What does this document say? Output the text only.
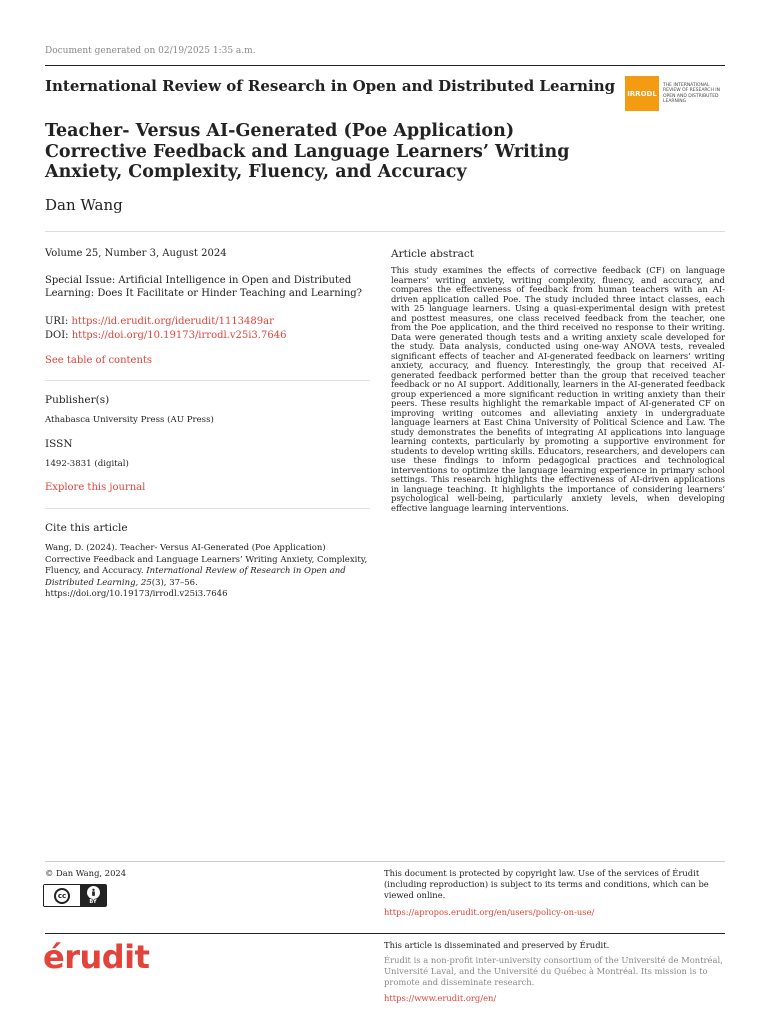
Document generated on 02/19/2025 1:35 a.m.
International Review of Research in Open and Distributed Learning	IRRODL
THE INTERNATIONAL REVIEW OF RESEARCH IN OPEN AND DISTRIBUTED LEARNING
Teacher- Versus AI-Generated (Poe Application) Corrective Feedback and Language Learners’ Writing Anxiety, Complexity, Fluency, and Accuracy
Dan Wang
Volume 25, Number 3, August 2024
Special Issue: Artificial Intelligence in Open and Distributed Learning: Does It Facilitate or Hinder Teaching and Learning?
URI: https://id.erudit.org/iderudit/1113489ar
DOI: https://doi.org/10.19173/irrodl.v25i3.7646
See table of contents
Publisher(s)
Athabasca University Press (AU Press)
ISSN
1492-3831 (digital)
Explore this journal
Cite this article
Wang, D. (2024). Teacher- Versus AI-Generated (Poe Application) Corrective Feedback and Language Learners’ Writing Anxiety, Complexity, Fluency, and Accuracy. International Review of Research in Open and Distributed Learning, 25(3), 37–56. https://doi.org/10.19173/irrodl.v25i3.7646
Article abstract
This study examines the effects of corrective feedback (CF) on language learners’ writing anxiety, writing complexity, fluency, and accuracy, and compares the effectiveness of feedback from human teachers with an AI-driven application called Poe. The study included three intact classes, each with 25 language learners. Using a quasi-experimental design with pretest and posttest measures, one class received feedback from the teacher, one from the Poe application, and the third received no response to their writing. Data were generated though tests and a writing anxiety scale developed for the study. Data analysis, conducted using one-way ANOVA tests, revealed significant effects of teacher and AI-generated feedback on learners’ writing anxiety, accuracy, and fluency. Interestingly, the group that received AI-generated feedback performed better than the group that received teacher feedback or no AI support. Additionally, learners in the AI-generated feedback group experienced a more significant reduction in writing anxiety than their peers. These results highlight the remarkable impact of AI-generated CF on improving writing outcomes and alleviating anxiety in undergraduate language learners at East China University of Political Science and Law. The study demonstrates the benefits of integrating AI applications into language learning contexts, particularly by promoting a supportive environment for students to develop writing skills. Educators, researchers, and developers can use these findings to inform pedagogical practices and technological interventions to optimize the language learning experience in primary school settings. This research highlights the effectiveness of AI-driven applications in language teaching. It highlights the importance of considering learners’ psychological well-being, particularly anxiety levels, when developing effective language learning interventions.
© Dan Wang, 2024
cc
BY
This document is protected by copyright law. Use of the services of Érudit (including reproduction) is subject to its terms and conditions, which can be viewed online.
https://apropos.erudit.org/en/users/policy-on-use/
érudit	This article is disseminated and preserved by Érudit.
Érudit is a non-profit inter-university consortium of the Université de Montréal, Université Laval, and the Université du Québec à Montréal. Its mission is to promote and disseminate research.
https://www.erudit.org/en/
